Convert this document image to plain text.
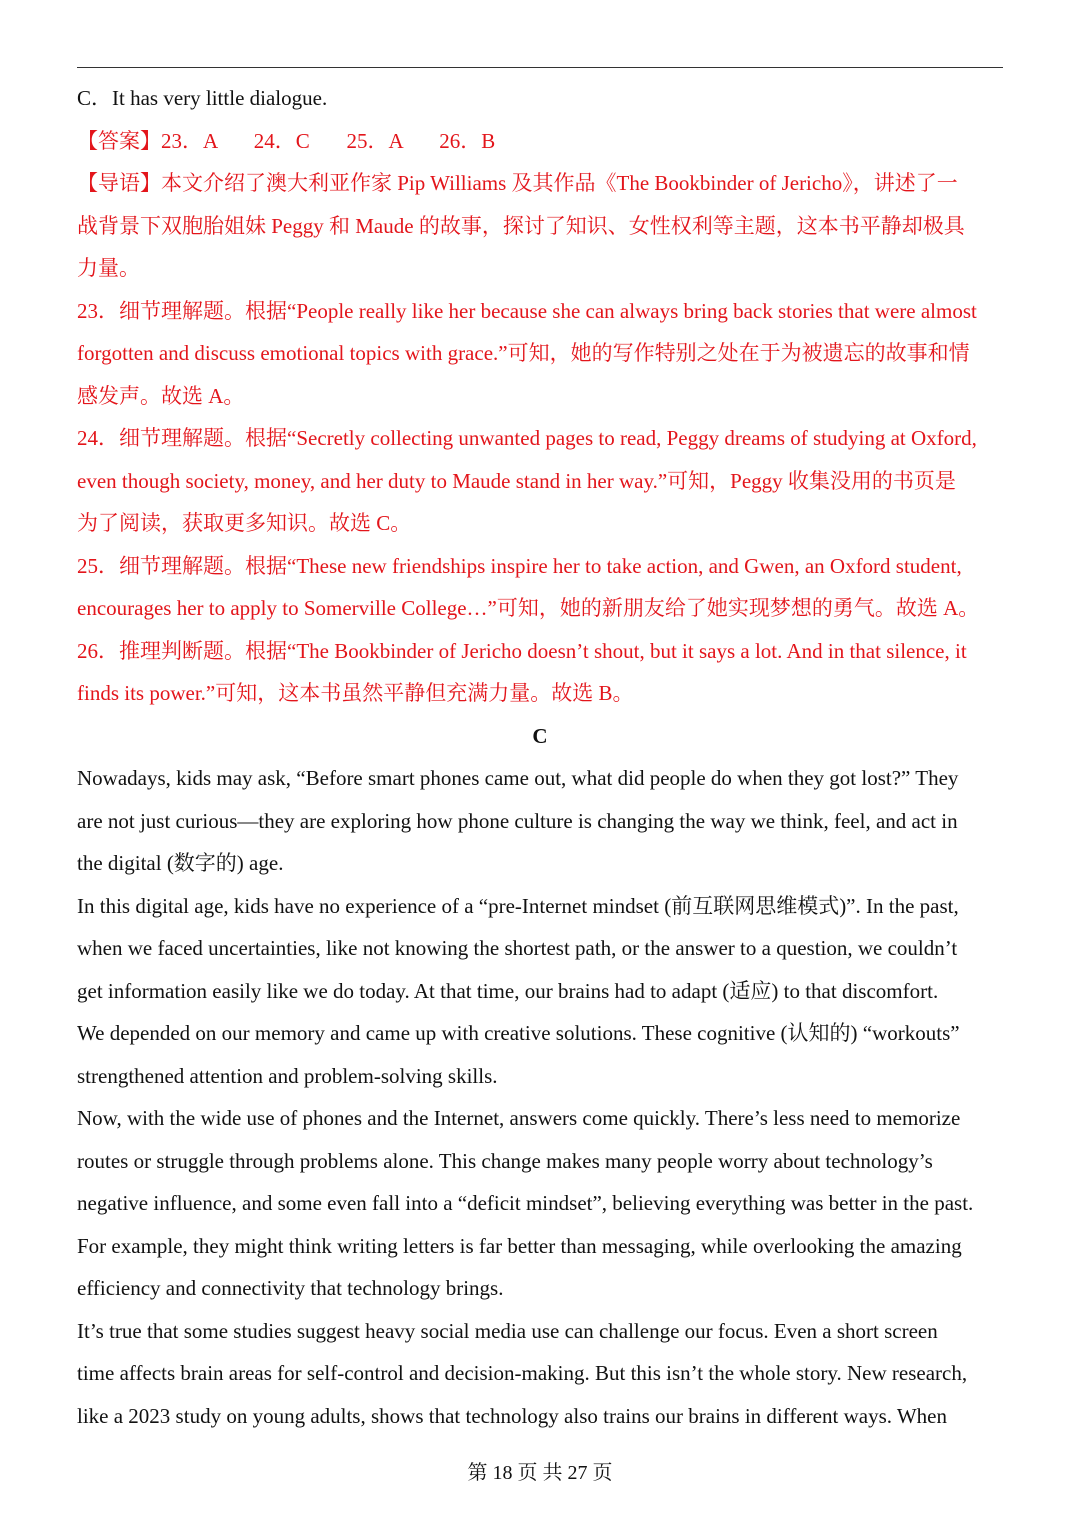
C．It has very little dialogue.
【答案】23．A       24．C       25．A       26．B
【导语】本文介绍了澳大利亚作家 Pip Williams 及其作品《The Bookbinder of Jericho》，讲述了一
战背景下双胞胎姐妹 Peggy 和 Maude 的故事，探讨了知识、女性权利等主题，这本书平静却极具
力量。
23．细节理解题。根据“People really like her because she can always bring back stories that were almost
forgotten and discuss emotional topics with grace.”可知，她的写作特别之处在于为被遗忘的故事和情
感发声。故选 A。
24．细节理解题。根据“Secretly collecting unwanted pages to read, Peggy dreams of studying at Oxford,
even though society, money, and her duty to Maude stand in her way.”可知，Peggy 收集没用的书页是
为了阅读，获取更多知识。故选 C。
25．细节理解题。根据“These new friendships inspire her to take action, and Gwen, an Oxford student,
encourages her to apply to Somerville College…”可知，她的新朋友给了她实现梦想的勇气。故选 A。
26．推理判断题。根据“The Bookbinder of Jericho doesn’t shout, but it says a lot. And in that silence, it
finds its power.”可知，这本书虽然平静但充满力量。故选 B。
C
Nowadays, kids may ask, “Before smart phones came out, what did people do when they got lost?” They
are not just curious—they are exploring how phone culture is changing the way we think, feel, and act in
the digital (数字的) age.
In this digital age, kids have no experience of a “pre-Internet mindset (前互联网思维模式)”. In the past,
when we faced uncertainties, like not knowing the shortest path, or the answer to a question, we couldn’t
get information easily like we do today. At that time, our brains had to adapt (适应) to that discomfort.
We depended on our memory and came up with creative solutions. These cognitive (认知的) “workouts”
strengthened attention and problem-solving skills.
Now, with the wide use of phones and the Internet, answers come quickly. There’s less need to memorize
routes or struggle through problems alone. This change makes many people worry about technology’s
negative influence, and some even fall into a “deficit mindset”, believing everything was better in the past.
For example, they might think writing letters is far better than messaging, while overlooking the amazing
efficiency and connectivity that technology brings.
It’s true that some studies suggest heavy social media use can challenge our focus. Even a short screen
time affects brain areas for self-control and decision-making. But this isn’t the whole story. New research,
like a 2023 study on young adults, shows that technology also trains our brains in different ways. When
第 18 页 共 27 页
